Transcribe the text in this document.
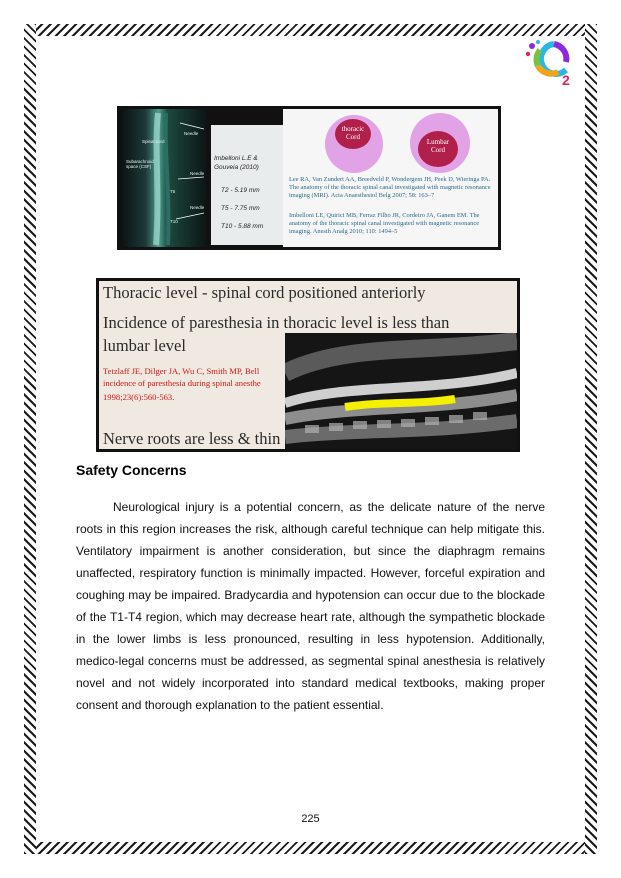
2
Needle
Spinal cord
Subarachnoid space (CSF)
T5
T10
Needle
Needle
Imbelloni L.E &
Gouveia (2010)
T2 - 5.19 mm
T5 - 7.75 mm
T10 - 5.88 mm
thoracic Cord
Lumbar Cord
Lee RA, Van Zundert AA, Breedveld P, Wondergem JH, Peek D, Wieringa PA. The anatomy of the thoracic spinal canal investigated with magnetic resonance imaging (MRI). Acta Anaesthesiol Belg 2007; 58: 163–7
Imbelloni LE, Quirici MB, Ferraz Filho JR, Cordeiro JA, Ganem EM. The anatomy of the thoracic spinal canal investigated with magnetic resonance imaging. Anesth Analg 2010; 110: 1494–5
Thoracic level - spinal cord positioned anteriorly
Incidence of paresthesia in thoracic level is less than
lumbar level
Tetzlaff JE, Dilger JA, Wu C, Smith MP, Bell
incidence of paresthesia during spinal anesthe
1998;23(6):560-563.
Nerve roots are less & thin
Safety Concerns

Neurological injury is a potential concern, as the delicate nature of the nerve roots in this region increases the risk, although careful technique can help mitigate this. Ventilatory impairment is another consideration, but since the diaphragm remains unaffected, respiratory function is minimally impacted. However, forceful expiration and coughing may be impaired. Bradycardia and hypotension can occur due to the blockade of the T1-T4 region, which may decrease heart rate, although the sympathetic blockade in the lower limbs is less pronounced, resulting in less hypotension. Additionally, medico-legal concerns must be addressed, as segmental spinal anesthesia is relatively novel and not widely incorporated into standard medical textbooks, making proper consent and thorough explanation to the patient essential.

225
